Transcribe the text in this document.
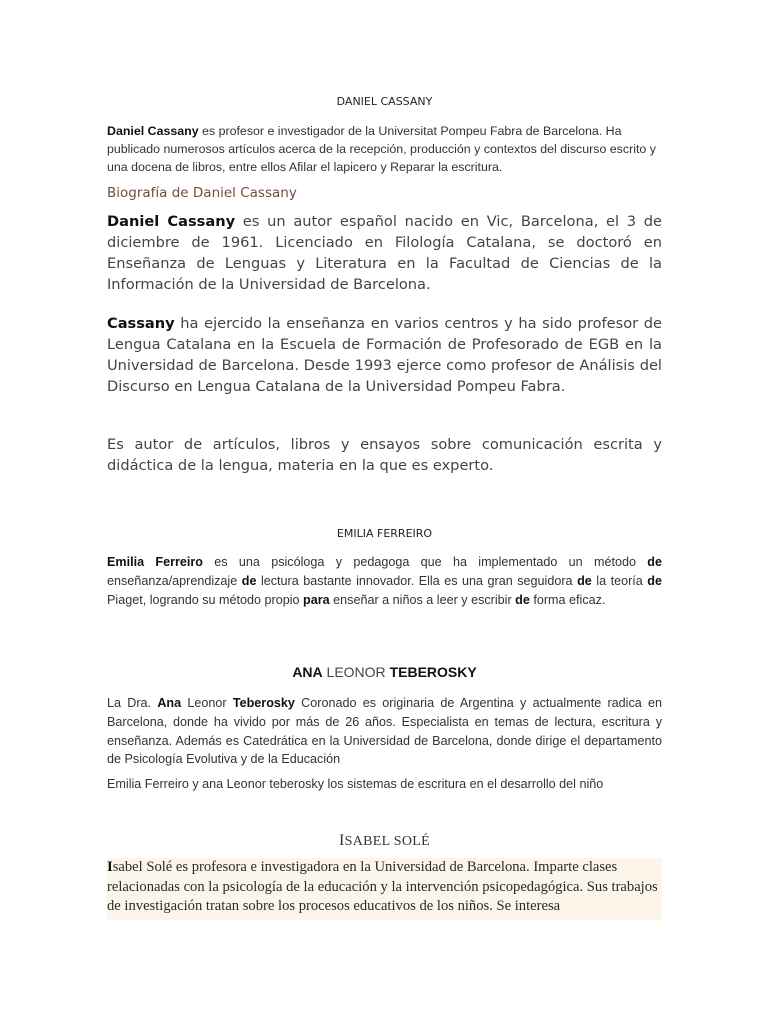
DANIEL CASSANY

Daniel Cassany es profesor e investigador de la Universitat Pompeu Fabra de Barcelona. Ha publicado numerosos artículos acerca de la recepción, producción y contextos del discurso escrito y una docena de libros, entre ellos Afilar el lapicero y Reparar la escritura.

Biografía de Daniel Cassany

Daniel Cassany es un autor español nacido en Vic, Barcelona, el 3 de diciembre de 1961. Licenciado en Filología Catalana, se doctoró en Enseñanza de Lenguas y Literatura en la Facultad de Ciencias de la Información de la Universidad de Barcelona.

Cassany ha ejercido la enseñanza en varios centros y ha sido profesor de Lengua Catalana en la Escuela de Formación de Profesorado de EGB en la Universidad de Barcelona. Desde 1993 ejerce como profesor de Análisis del Discurso en Lengua Catalana de la Universidad Pompeu Fabra.

Es autor de artículos, libros y ensayos sobre comunicación escrita y didáctica de la lengua, materia en la que es experto.

EMILIA FERREIRO

Emilia Ferreiro es una psicóloga y pedagoga que ha implementado un método de enseñanza/aprendizaje de lectura bastante innovador. Ella es una gran seguidora de la teoría de Piaget, logrando su método propio para enseñar a niños a leer y escribir de forma eficaz.

ANA LEONOR TEBEROSKY

La Dra. Ana Leonor Teberosky Coronado es originaria de Argentina y actualmente radica en Barcelona, donde ha vivido por más de 26 años. Especialista en temas de lectura, escritura y enseñanza. Además es Catedrática en la Universidad de Barcelona, donde dirige el departamento de Psicología Evolutiva y de la Educación

Emilia Ferreiro y ana Leonor teberosky los sistemas de escritura en el desarrollo del niño

ISABEL SOLÉ

Isabel Solé es profesora e investigadora en la Universidad de Barcelona. Imparte clases relacionadas con la psicología de la educación y la intervención psicopedagógica. Sus trabajos de investigación tratan sobre los procesos educativos de los niños. Se interesa
